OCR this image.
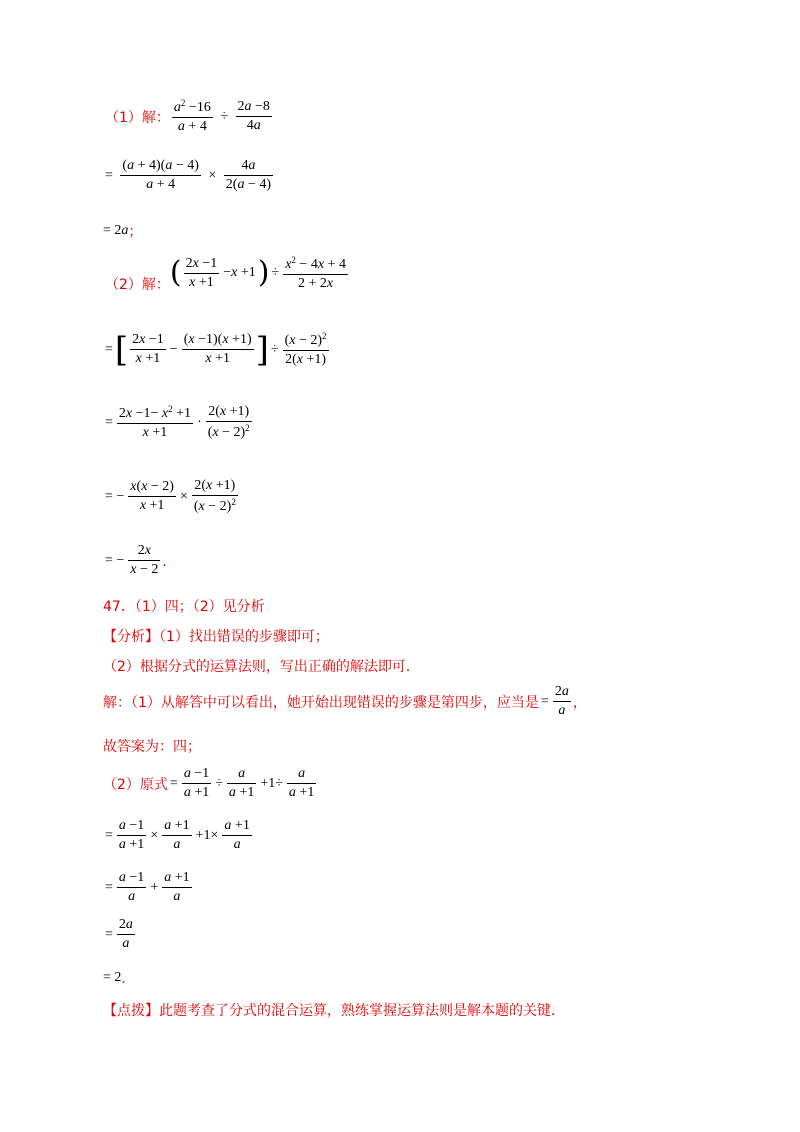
（1）解： $\frac{a^2 -16}{a + 4} \div \frac{2a -8}{4a}$
= $\frac{(a + 4)(a - 4)}{a + 4} \times \frac{4a}{2(a - 4)}$
= 2a ；
（2）解： ( $\frac{2x -1}{x +1} -x +1$ ) ÷ $\frac{x^2 - 4x + 4}{2 + 2x}$
= [ $\frac{2x -1}{x +1} - \frac{(x -1)(x +1)}{x +1}$ ] ÷ $\frac{(x - 2)^2}{2(x +1)}$
= $\frac{2x -1- x^2 +1}{x +1} \cdot \frac{2(x +1)}{(x - 2)^2}$
= − $\frac{x(x - 2)}{x +1} \times \frac{2(x +1)}{(x - 2)^2}$
= − $\frac{2x}{x - 2}$ ．
47．（1）四；（2）见分析
【分析】（1）找出错误的步骤即可；
（2）根据分式的运算法则，写出正确的解法即可．
解：（1）从解答中可以看出，她开始出现错误的步骤是第四步，应当是 = $\frac{2a}{a}$ ，
故答案为：四；
（2）原式 = $\frac{a -1}{a +1} \div \frac{a}{a +1} +1\div \frac{a}{a +1}$
= $\frac{a -1}{a +1} \times \frac{a +1}{a} +1\times \frac{a +1}{a}$
= $\frac{a -1}{a} + \frac{a +1}{a}$
= $\frac{2a}{a}$
= 2 ．
【点拨】此题考查了分式的混合运算，熟练掌握运算法则是解本题的关键．
